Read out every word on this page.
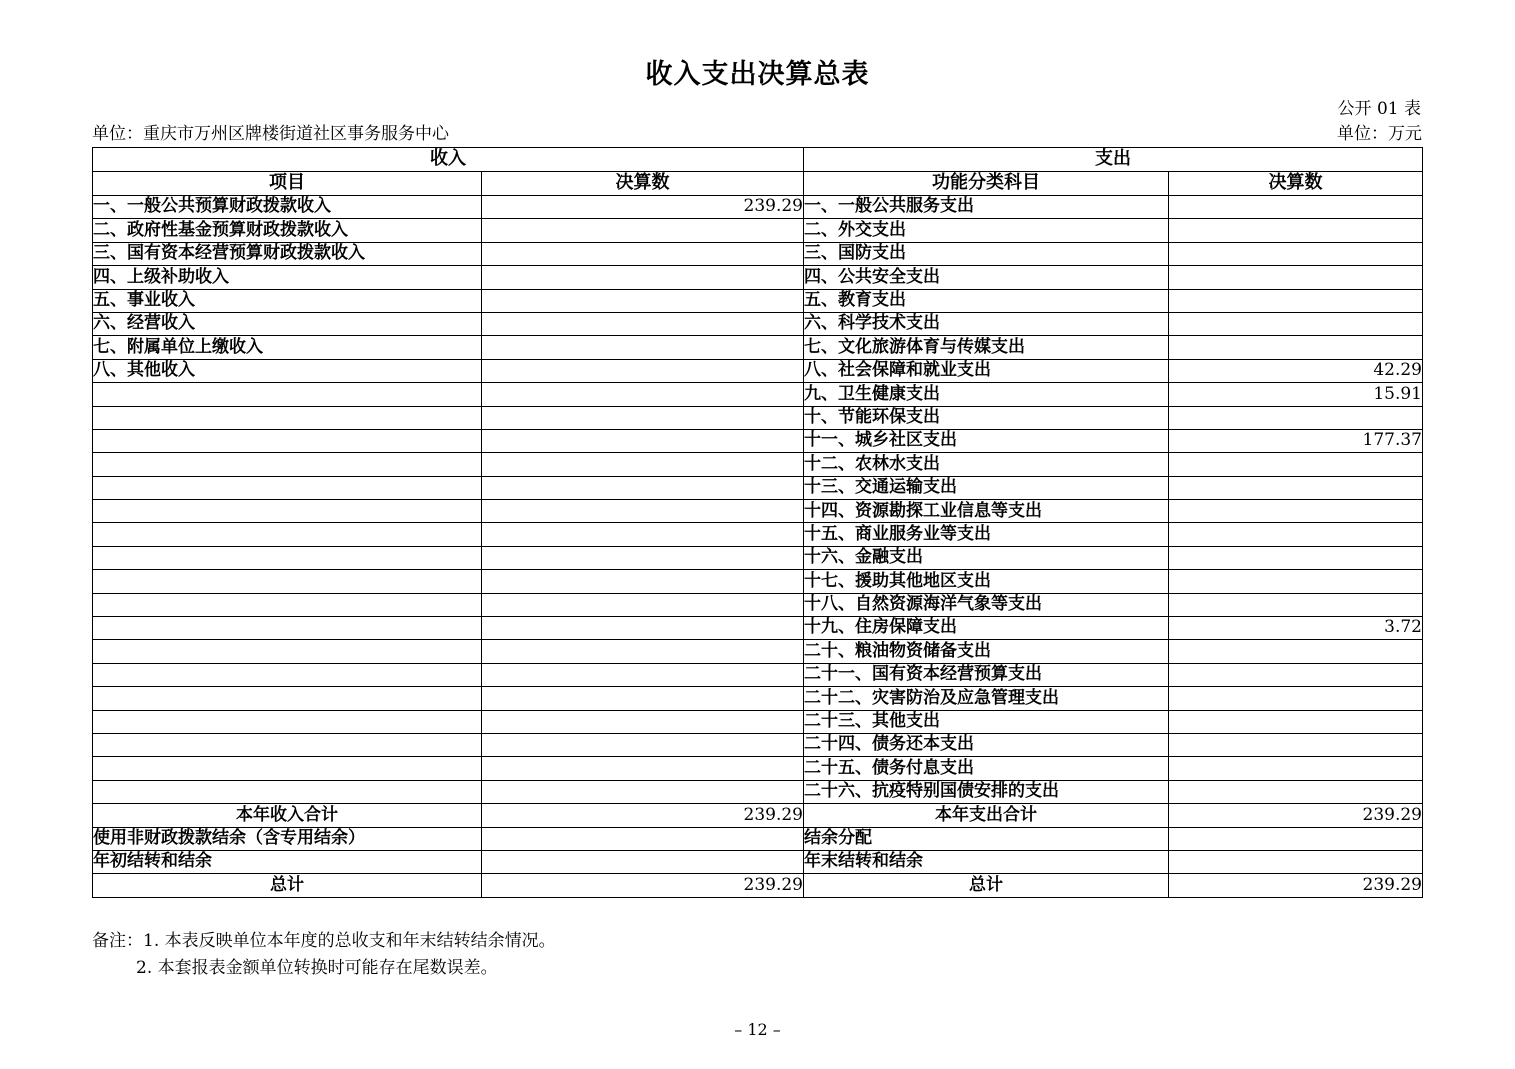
收入支出决算总表
公开 01 表
单位：重庆市万州区牌楼街道社区事务服务中心	单位：万元
收入		支出	
项目	决算数	功能分类科目	决算数
一、一般公共预算财政拨款收入	239.29	一、一般公共服务支出	
二、政府性基金预算财政拨款收入		二、外交支出	
三、国有资本经营预算财政拨款收入		三、国防支出	
四、上级补助收入		四、公共安全支出	
五、事业收入		五、教育支出	
六、经营收入		六、科学技术支出	
七、附属单位上缴收入		七、文化旅游体育与传媒支出	
八、其他收入		八、社会保障和就业支出	42.29
		九、卫生健康支出	15.91
		十、节能环保支出	
		十一、城乡社区支出	177.37
		十二、农林水支出	
		十三、交通运输支出	
		十四、资源勘探工业信息等支出	
		十五、商业服务业等支出	
		十六、金融支出	
		十七、援助其他地区支出	
		十八、自然资源海洋气象等支出	
		十九、住房保障支出	3.72
		二十、粮油物资储备支出	
		二十一、国有资本经营预算支出	
		二十二、灾害防治及应急管理支出	
		二十三、其他支出	
		二十四、债务还本支出	
		二十五、债务付息支出	
		二十六、抗疫特别国债安排的支出	
本年收入合计	239.29	本年支出合计	239.29
使用非财政拨款结余（含专用结余）		结余分配	
年初结转和结余		年末结转和结余	
总计	239.29	总计	239.29
备注：1. 本表反映单位本年度的总收支和年末结转结余情况。
2. 本套报表金额单位转换时可能存在尾数误差。
– 12 –
